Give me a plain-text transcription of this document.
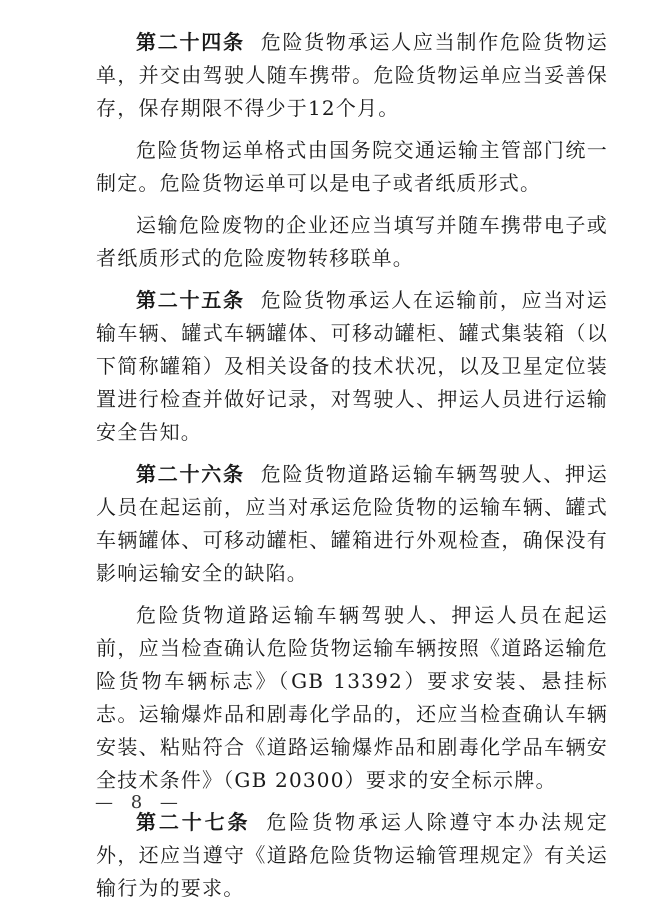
第二十四条 危险货物承运人应当制作危险货物运单，并交由驾驶人随车携带。危险货物运单应当妥善保存，保存期限不得少于12个月。

危险货物运单格式由国务院交通运输主管部门统一制定。危险货物运单可以是电子或者纸质形式。

运输危险废物的企业还应当填写并随车携带电子或者纸质形式的危险废物转移联单。

第二十五条 危险货物承运人在运输前，应当对运输车辆、罐式车辆罐体、可移动罐柜、罐式集装箱（以下简称罐箱）及相关设备的技术状况，以及卫星定位装置进行检查并做好记录，对驾驶人、押运人员进行运输安全告知。

第二十六条 危险货物道路运输车辆驾驶人、押运人员在起运前，应当对承运危险货物的运输车辆、罐式车辆罐体、可移动罐柜、罐箱进行外观检查，确保没有影响运输安全的缺陷。

危险货物道路运输车辆驾驶人、押运人员在起运前，应当检查确认危险货物运输车辆按照《道路运输危险货物车辆标志》（GB 13392）要求安装、悬挂标志。运输爆炸品和剧毒化学品的，还应当检查确认车辆安装、粘贴符合《道路运输爆炸品和剧毒化学品车辆安全技术条件》（GB 20300）要求的安全标示牌。

第二十七条 危险货物承运人除遵守本办法规定外，还应当遵守《道路危险货物运输管理规定》有关运输行为的要求。

— 8 —
